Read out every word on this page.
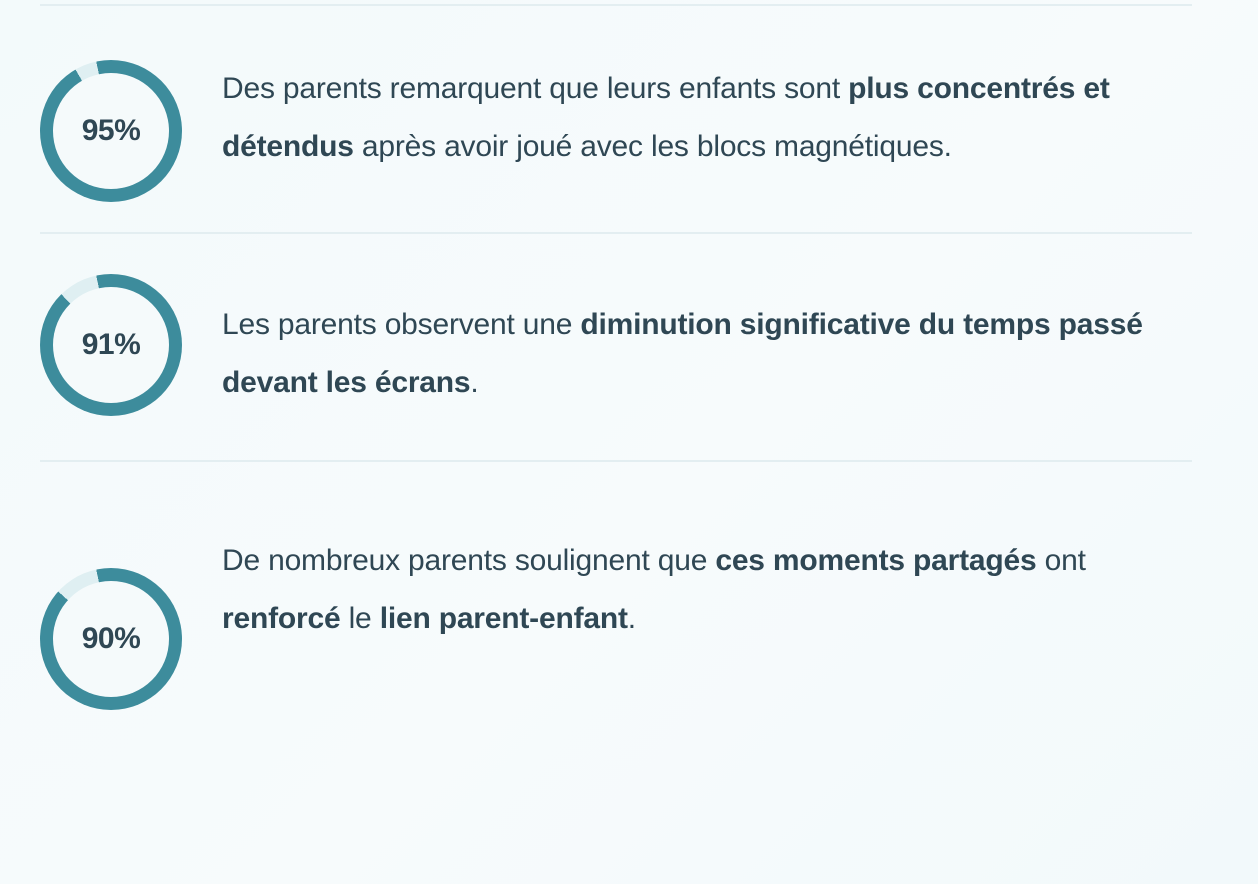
95%
Des parents remarquent que leurs enfants sont plus concentrés et détendus après avoir joué avec les blocs magnétiques.
91%
Les parents observent une diminution significative du temps passé devant les écrans.
90%
De nombreux parents soulignent que ces moments partagés ont renforcé le lien parent-enfant.
